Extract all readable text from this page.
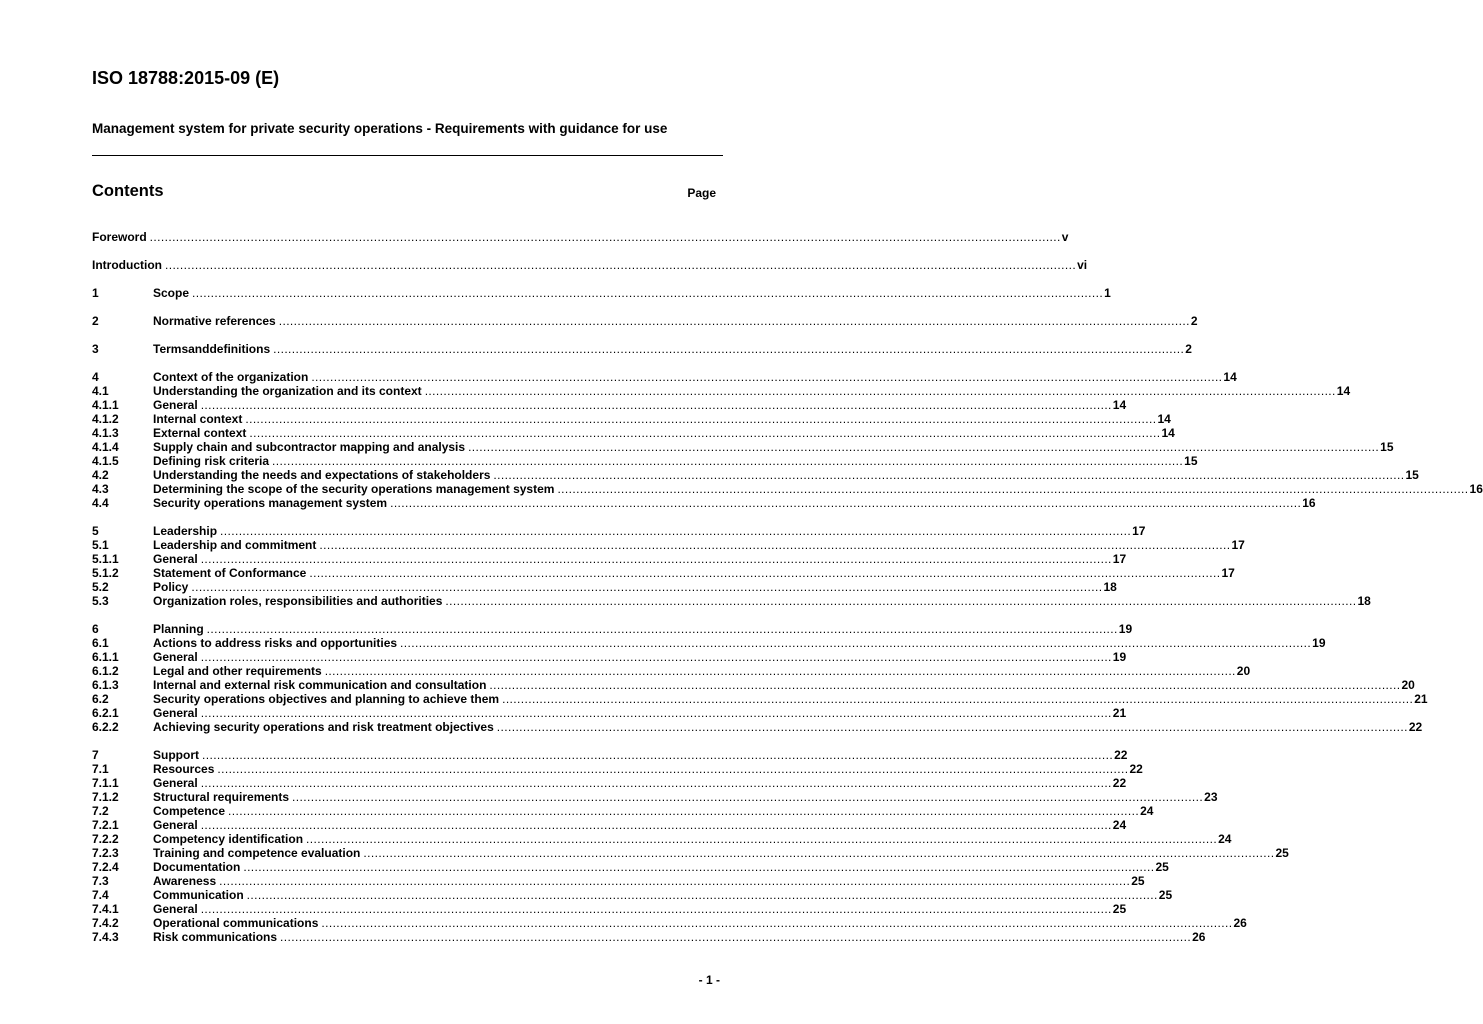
ISO 18788:2015-09 (E)
Management system for private security operations - Requirements with guidance for use
Contents	Page
Foreword .....	v
Introduction .....	vi
1	Scope .....	1
2	Normative references .....	2
3	Termsanddefinitions .....	2
4	Context of the organization .....	14
4.1	Understanding the organization and its context .....	14
4.1.1	General .....	14
4.1.2	Internal context .....	14
4.1.3	External context .....	14
4.1.4	Supply chain and subcontractor mapping and analysis .....	15
4.1.5	Defining risk criteria .....	15
4.2	Understanding the needs and expectations of stakeholders .....	15
4.3	Determining the scope of the security operations management system .....	16
4.4	Security operations management system .....	16
5	Leadership .....	17
5.1	Leadership and commitment .....	17
5.1.1	General .....	17
5.1.2	Statement of Conformance .....	17
5.2	Policy .....	18
5.3	Organization roles, responsibilities and authorities .....	18
6	Planning .....	19
6.1	Actions to address risks and opportunities .....	19
6.1.1	General .....	19
6.1.2	Legal and other requirements .....	20
6.1.3	Internal and external risk communication and consultation .....	20
6.2	Security operations objectives and planning to achieve them .....	21
6.2.1	General .....	21
6.2.2	Achieving security operations and risk treatment objectives .....	22
7	Support .....	22
7.1	Resources .....	22
7.1.1	General .....	22
7.1.2	Structural requirements .....	23
7.2	Competence .....	24
7.2.1	General .....	24
7.2.2	Competency identification .....	24
7.2.3	Training and competence evaluation .....	25
7.2.4	Documentation .....	25
7.3	Awareness .....	25
7.4	Communication .....	25
7.4.1	General .....	25
7.4.2	Operational communications .....	26
7.4.3	Risk communications .....	26
- 1 -
